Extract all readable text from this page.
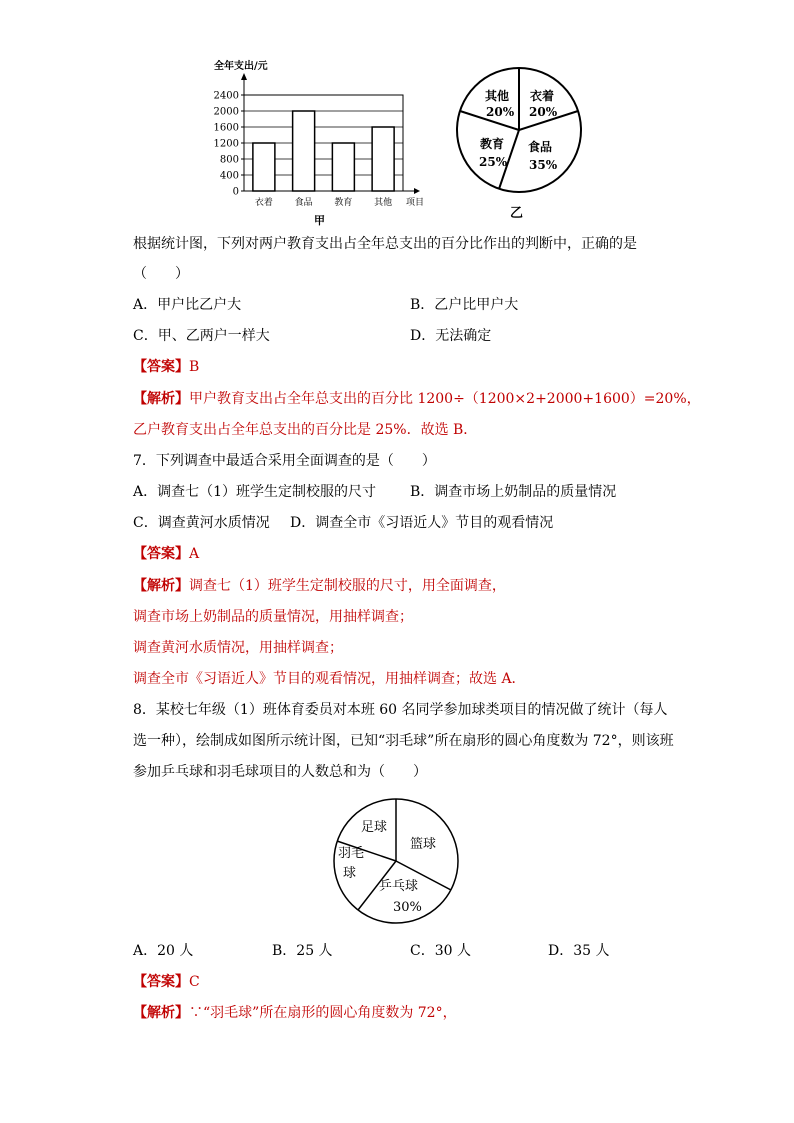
全年支出/元
2400
2000
1600
1200
800
400
0
衣着 食品 教育 其他 项目
甲
其他
20%
衣着
20%
教育
25%
食品
35%
乙
根据统计图，下列对两户教育支出占全年总支出的百分比作出的判断中，正确的是
（　　）
A．甲户比乙户大	B．乙户比甲户大
C．甲、乙两户一样大	D．无法确定
【答案】B
【解析】甲户教育支出占全年总支出的百分比 1200÷（1200×2+2000+1600）=20%，
乙户教育支出占全年总支出的百分比是 25%．故选 B．
7．下列调查中最适合采用全面调查的是（　　）
A．调查七（1）班学生定制校服的尺寸 B．调查市场上奶制品的质量情况
C．调查黄河水质情况 D．调查全市《习语近人》节目的观看情况
【答案】A
【解析】调查七（1）班学生定制校服的尺寸，用全面调查，
调查市场上奶制品的质量情况，用抽样调查；
调查黄河水质情况，用抽样调查；
调查全市《习语近人》节目的观看情况，用抽样调查；故选 A．
8．某校七年级（1）班体育委员对本班 60 名同学参加球类项目的情况做了统计（每人
选一种），绘制成如图所示统计图，已知“羽毛球”所在扇形的圆心角度数为 72°，则该班
参加乒乓球和羽毛球项目的人数总和为（　　）
足球
篮球
乒乓球
30%
羽毛
球
A．20 人	B．25 人	C．30 人	D．35 人
【答案】C
【解析】∵“羽毛球”所在扇形的圆心角度数为 72°，
